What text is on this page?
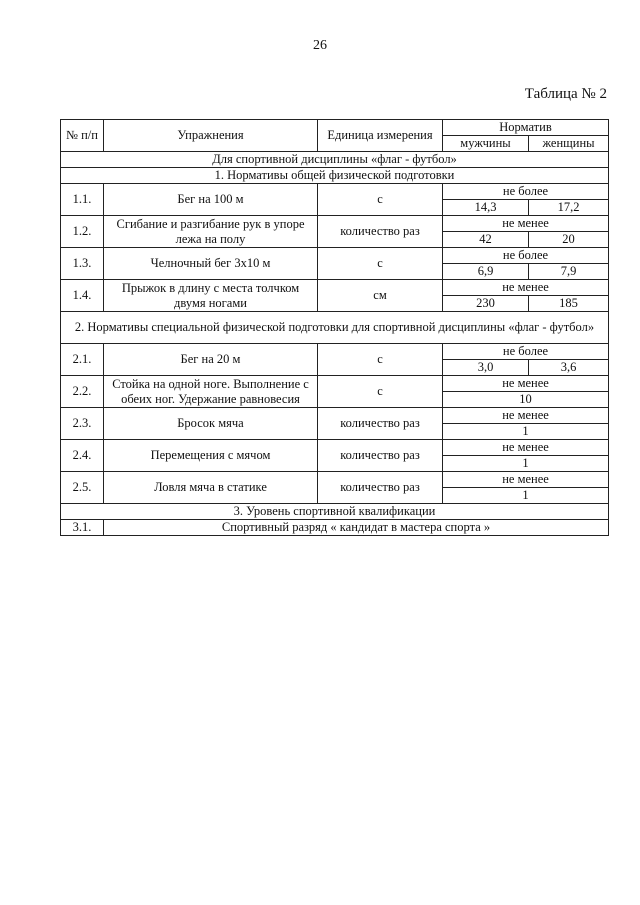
26
Таблица № 2
№ п/п	Упражнения	Единица измерения	Норматив	
			мужчины	женщины
Для спортивной дисциплины «флаг - футбол»				
1. Нормативы общей физической подготовки				
1.1.	Бег на 100 м	с	не более	
			14,3	17,2
1.2.	Сгибание и разгибание рук в упоре лежа на полу	количество раз	не менее	
			42	20
1.3.	Челночный бег 3x10 м	с	не более	
			6,9	7,9
1.4.	Прыжок в длину с места толчком двумя ногами	см	не менее	
			230	185
2. Нормативы специальной физической подготовки для спортивной дисциплины «флаг - футбол»				
2.1.	Бег на 20 м	с	не более	
			3,0	3,6
2.2.	Стойка на одной ноге. Выполнение с обеих ног. Удержание равновесия	с	не менее	
			10	
2.3.	Бросок мяча	количество раз	не менее	
			1	
2.4.	Перемещения с мячом	количество раз	не менее	
			1	
2.5.	Ловля мяча в статике	количество раз	не менее	
			1	
3. Уровень спортивной квалификации				
3.1.	Спортивный разряд « кандидат в мастера спорта »			
